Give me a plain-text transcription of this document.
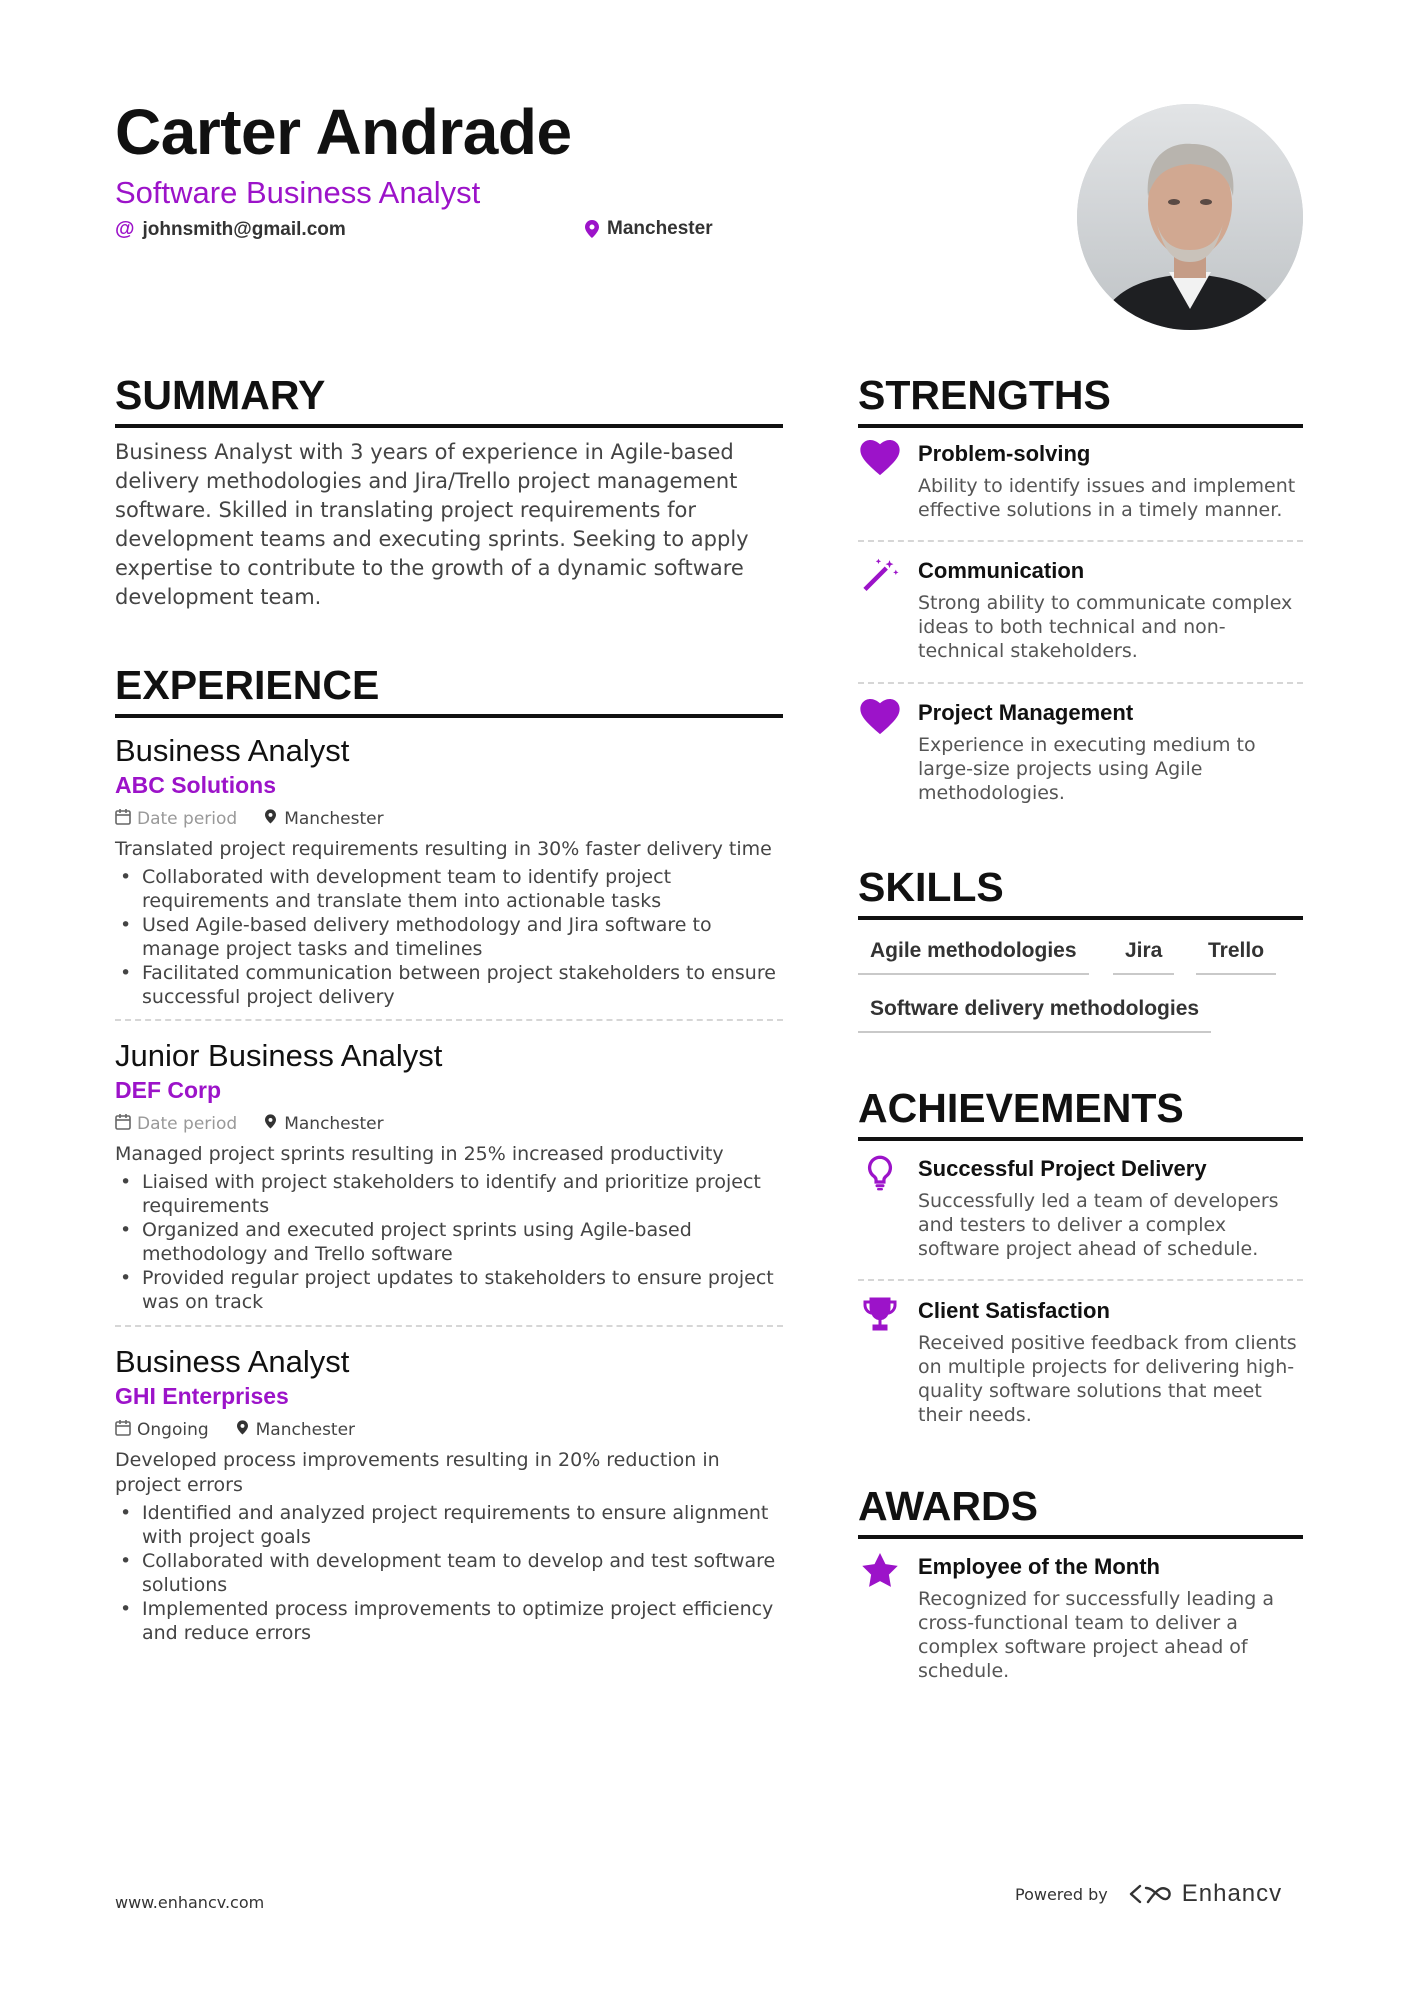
Carter Andrade
Software Business Analyst
@ johnsmith@gmail.com	Manchester
SUMMARY
Business Analyst with 3 years of experience in Agile-based delivery methodologies and Jira/Trello project management software. Skilled in translating project requirements for development teams and executing sprints. Seeking to apply expertise to contribute to the growth of a dynamic software development team.
EXPERIENCE
Business Analyst
ABC Solutions
Date period	Manchester
Translated project requirements resulting in 30% faster delivery time
• Collaborated with development team to identify project requirements and translate them into actionable tasks
• Used Agile-based delivery methodology and Jira software to manage project tasks and timelines
• Facilitated communication between project stakeholders to ensure successful project delivery
Junior Business Analyst
DEF Corp
Date period	Manchester
Managed project sprints resulting in 25% increased productivity
• Liaised with project stakeholders to identify and prioritize project requirements
• Organized and executed project sprints using Agile-based methodology and Trello software
• Provided regular project updates to stakeholders to ensure project was on track
Business Analyst
GHI Enterprises
Ongoing	Manchester
Developed process improvements resulting in 20% reduction in project errors
• Identified and analyzed project requirements to ensure alignment with project goals
• Collaborated with development team to develop and test software solutions
• Implemented process improvements to optimize project efficiency and reduce errors
STRENGTHS
Problem-solving
Ability to identify issues and implement effective solutions in a timely manner.
Communication
Strong ability to communicate complex ideas to both technical and non-technical stakeholders.
Project Management
Experience in executing medium to large-size projects using Agile methodologies.
SKILLS
Agile methodologies	Jira	Trello
Software delivery methodologies
ACHIEVEMENTS
Successful Project Delivery
Successfully led a team of developers and testers to deliver a complex software project ahead of schedule.
Client Satisfaction
Received positive feedback from clients on multiple projects for delivering high-quality software solutions that meet their needs.
AWARDS
Employee of the Month
Recognized for successfully leading a cross-functional team to deliver a complex software project ahead of schedule.
www.enhancv.com	Powered by	Enhancv
